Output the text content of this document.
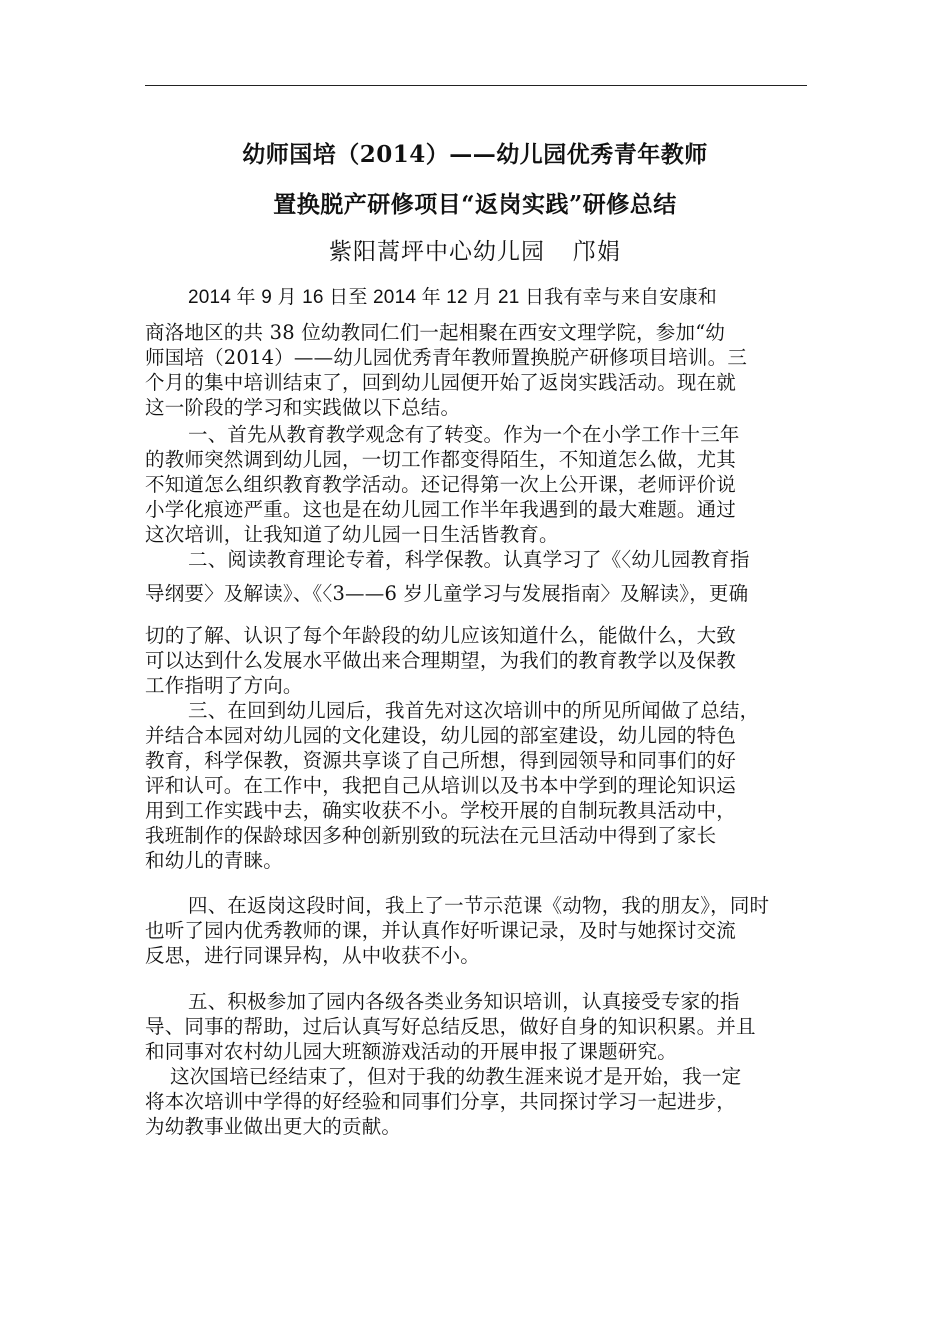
幼师国培（2014）——幼儿园优秀青年教师
置换脱产研修项目“返岗实践”研修总结
紫阳蒿坪中心幼儿园 邝娟
2014 年 9 月 16 日至 2014 年 12 月 21 日我有幸与来自安康和
商洛地区的共 38 位幼教同仁们一起相聚在西安文理学院，参加“幼
师国培（2014）——幼儿园优秀青年教师置换脱产研修项目培训。三
个月的集中培训结束了，回到幼儿园便开始了返岗实践活动。现在就
这一阶段的学习和实践做以下总结。
一、首先从教育教学观念有了转变。作为一个在小学工作十三年
的教师突然调到幼儿园，一切工作都变得陌生，不知道怎么做，尤其
不知道怎么组织教育教学活动。还记得第一次上公开课，老师评价说
小学化痕迹严重。这也是在幼儿园工作半年我遇到的最大难题。通过
这次培训，让我知道了幼儿园一日生活皆教育。
二、阅读教育理论专着，科学保教。认真学习了《〈幼儿园教育指
导纲要〉及解读》、《〈3——6 岁儿童学习与发展指南〉及解读》，更确
切的了解、认识了每个年龄段的幼儿应该知道什么，能做什么，大致
可以达到什么发展水平做出来合理期望，为我们的教育教学以及保教
工作指明了方向。
三、在回到幼儿园后，我首先对这次培训中的所见所闻做了总结，
并结合本园对幼儿园的文化建设，幼儿园的部室建设，幼儿园的特色
教育，科学保教，资源共享谈了自己所想，得到园领导和同事们的好
评和认可。在工作中，我把自己从培训以及书本中学到的理论知识运
用到工作实践中去，确实收获不小。学校开展的自制玩教具活动中，
我班制作的保龄球因多种创新别致的玩法在元旦活动中得到了家长
和幼儿的青睐。
四、在返岗这段时间，我上了一节示范课《动物，我的朋友》，同时
也听了园内优秀教师的课，并认真作好听课记录，及时与她探讨交流
反思，进行同课异构，从中收获不小。
五、积极参加了园内各级各类业务知识培训，认真接受专家的指
导、同事的帮助，过后认真写好总结反思，做好自身的知识积累。并且
和同事对农村幼儿园大班额游戏活动的开展申报了课题研究。
这次国培已经结束了，但对于我的幼教生涯来说才是开始，我一定
将本次培训中学得的好经验和同事们分享，共同探讨学习一起进步，
为幼教事业做出更大的贡献。
